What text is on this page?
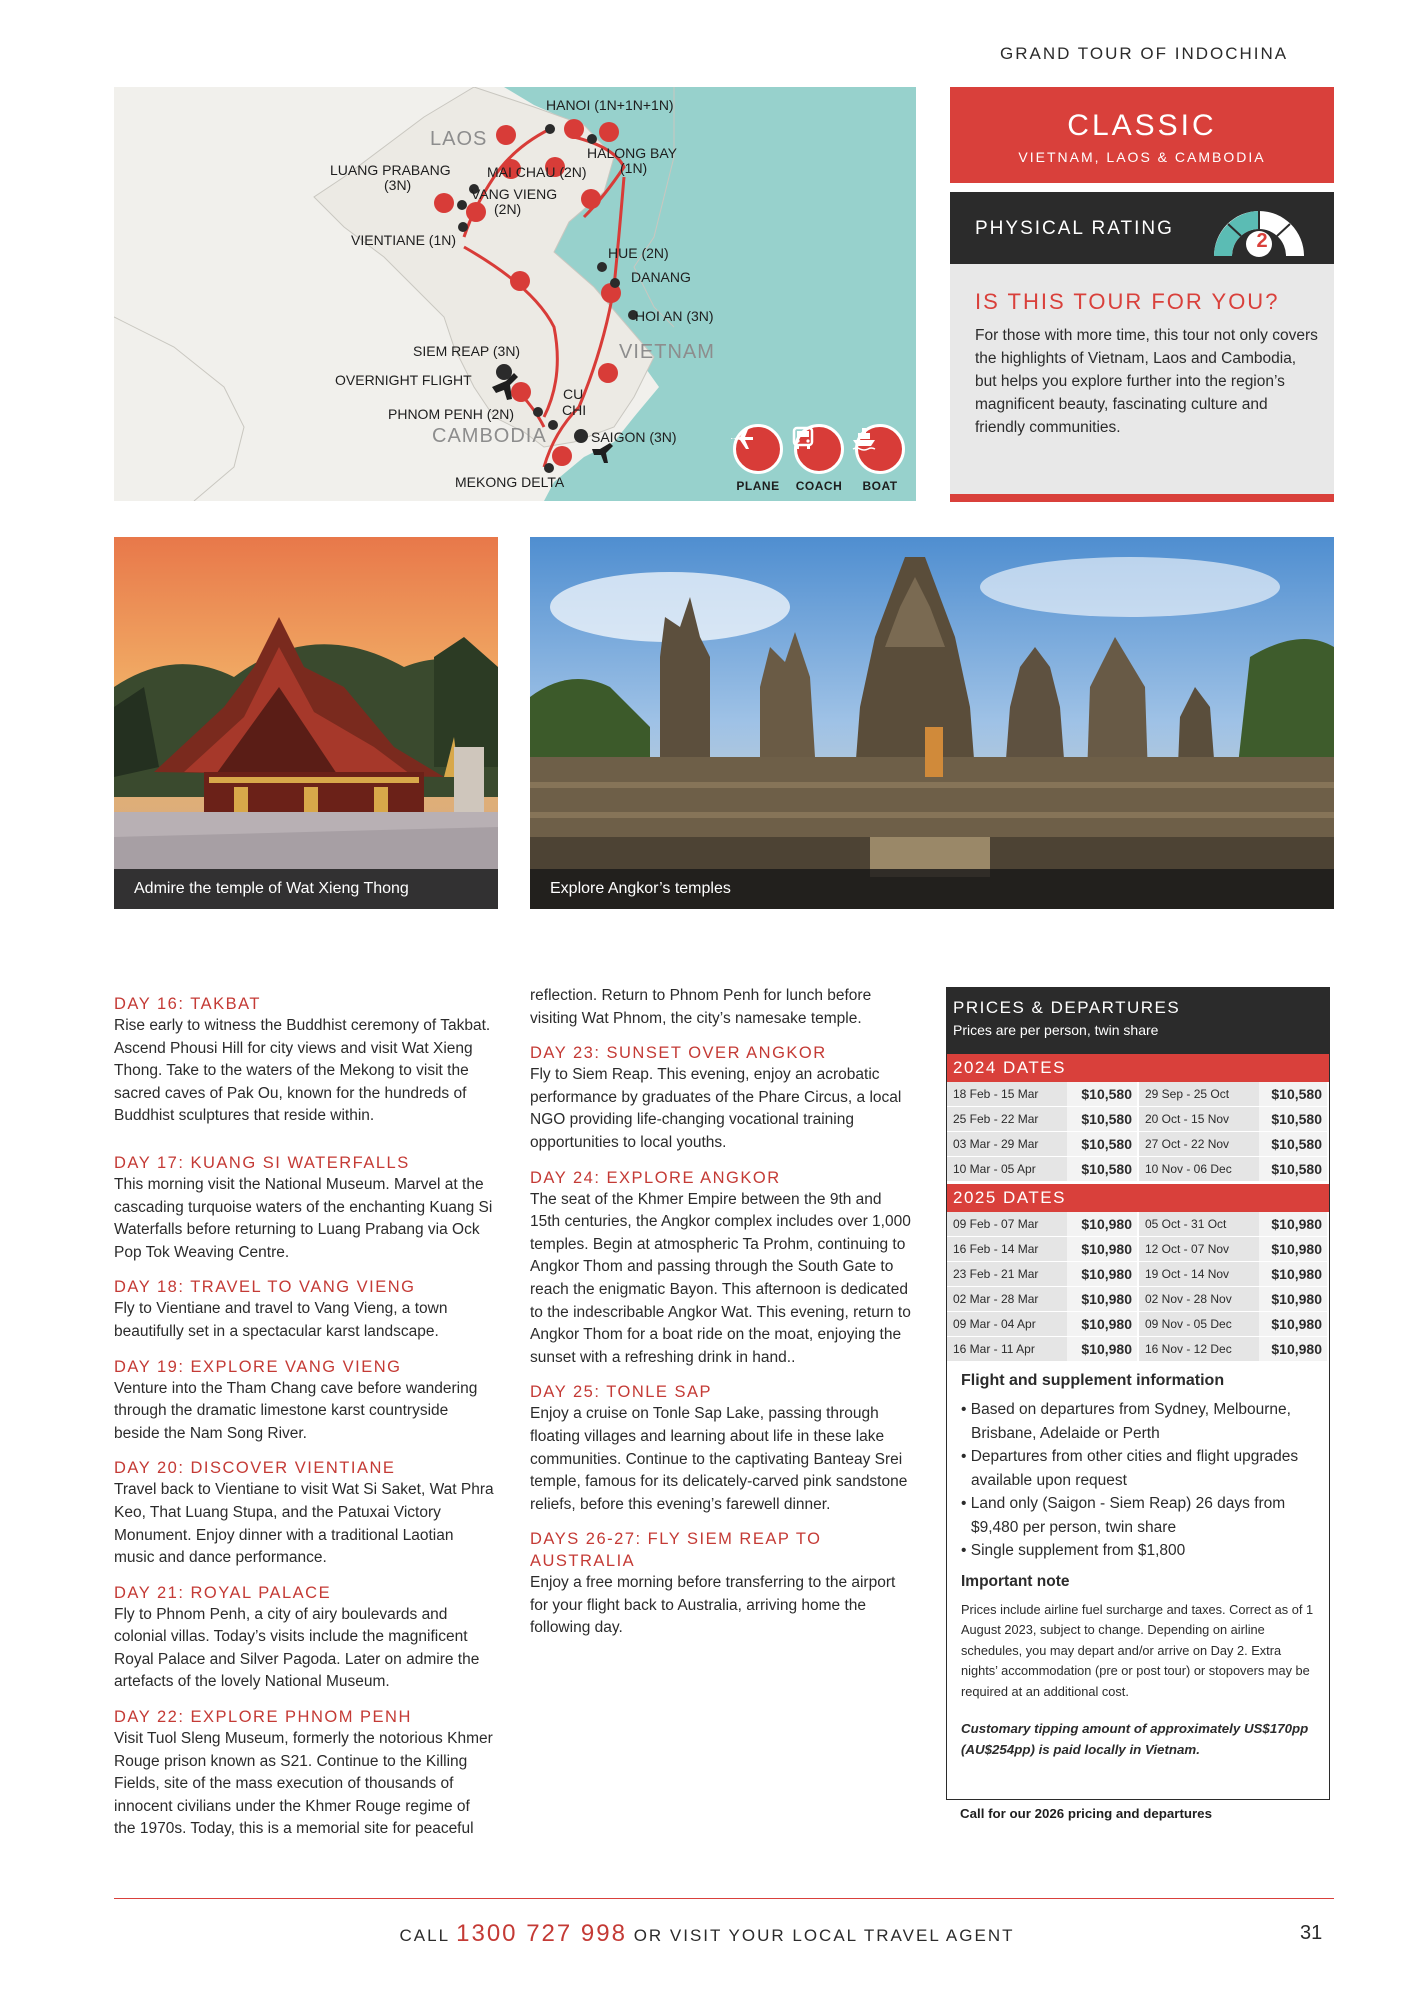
GRAND TOUR OF INDOCHINA
LAOS
VIETNAM
CAMBODIA
HANOI (1N+1N+1N)
HALONG BAY
(1N)
LUANG PRABANG
(3N)
MAI CHAU (2N)
VANG VIENG
(2N)
VIENTIANE (1N)
HUE (2N)
DANANG
HOI AN (3N)
SIEM REAP (3N)
OVERNIGHT FLIGHT
PHNOM PENH (2N)
CU
CHI
SAIGON (3N)
MEKONG DELTA	PLANE	COACH	BOAT
CLASSIC
VIETNAM, LAOS & CAMBODIA
PHYSICAL RATING
2
IS THIS TOUR FOR YOU?
For those with more time, this tour not only covers the highlights of Vietnam, Laos and Cambodia, but helps you explore further into the region’s magnificent beauty, fascinating culture and friendly communities.
Admire the temple of Wat Xieng Thong	Explore Angkor’s temples
DAY 16: TAKBAT

Rise early to witness the Buddhist ceremony of Takbat. Ascend Phousi Hill for city views and visit Wat Xieng Thong. Take to the waters of the Mekong to visit the sacred caves of Pak Ou, known for the hundreds of Buddhist sculptures that reside within.

DAY 17: KUANG SI WATERFALLS

This morning visit the National Museum. Marvel at the cascading turquoise waters of the enchanting Kuang Si Waterfalls before returning to Luang Prabang via Ock Pop Tok Weaving Centre.

DAY 18: TRAVEL TO VANG VIENG

Fly to Vientiane and travel to Vang Vieng, a town beautifully set in a spectacular karst landscape.

DAY 19: EXPLORE VANG VIENG

Venture into the Tham Chang cave before wandering through the dramatic limestone karst countryside beside the Nam Song River.

DAY 20: DISCOVER VIENTIANE

Travel back to Vientiane to visit Wat Si Saket, Wat Phra Keo, That Luang Stupa, and the Patuxai Victory Monument. Enjoy dinner with a traditional Laotian music and dance performance.

DAY 21: ROYAL PALACE

Fly to Phnom Penh, a city of airy boulevards and colonial villas. Today’s visits include the magnificent Royal Palace and Silver Pagoda. Later on admire the artefacts of the lovely National Museum.

DAY 22: EXPLORE PHNOM PENH

Visit Tuol Sleng Museum, formerly the notorious Khmer Rouge prison known as S21. Continue to the Killing Fields, site of the mass execution of thousands of innocent civilians under the Khmer Rouge regime of the 1970s. Today, this is a memorial site for peaceful

reflection. Return to Phnom Penh for lunch before visiting Wat Phnom, the city’s namesake temple.

DAY 23: SUNSET OVER ANGKOR

Fly to Siem Reap. This evening, enjoy an acrobatic performance by graduates of the Phare Circus, a local NGO providing life-changing vocational training opportunities to local youths.

DAY 24: EXPLORE ANGKOR

The seat of the Khmer Empire between the 9th and 15th centuries, the Angkor complex includes over 1,000 temples. Begin at atmospheric Ta Prohm, continuing to Angkor Thom and passing through the South Gate to reach the enigmatic Bayon. This afternoon is dedicated to the indescribable Angkor Wat. This evening, return to Angkor Thom for a boat ride on the moat, enjoying the sunset with a refreshing drink in hand..

DAY 25: TONLE SAP

Enjoy a cruise on Tonle Sap Lake, passing through floating villages and learning about life in these lake communities. Continue to the captivating Banteay Srei temple, famous for its delicately-carved pink sandstone reliefs, before this evening’s farewell dinner.

DAYS 26-27: FLY SIEM REAP TO AUSTRALIA

Enjoy a free morning before transferring to the airport for your flight back to Australia, arriving home the following day.

PRICES & DEPARTURES
Prices are per person, twin share
2024 DATES
18 Feb - 15 Mar	$10,580	29 Sep - 25 Oct	$10,580
25 Feb - 22 Mar	$10,580	20 Oct - 15 Nov	$10,580
03 Mar - 29 Mar	$10,580	27 Oct - 22 Nov	$10,580
10 Mar - 05 Apr	$10,580	10 Nov - 06 Dec	$10,580
2025 DATES
09 Feb - 07 Mar	$10,980	05 Oct - 31 Oct	$10,980
16 Feb - 14 Mar	$10,980	12 Oct - 07 Nov	$10,980
23 Feb - 21 Mar	$10,980	19 Oct - 14 Nov	$10,980
02 Mar - 28 Mar	$10,980	02 Nov - 28 Nov	$10,980
09 Mar - 04 Apr	$10,980	09 Nov - 05 Dec	$10,980
16 Mar - 11 Apr	$10,980	16 Nov - 12 Dec	$10,980
Flight and supplement information
• Based on departures from Sydney, Melbourne, Brisbane, Adelaide or Perth
• Departures from other cities and flight upgrades available upon request
• Land only (Saigon - Siem Reap) 26 days from $9,480 per person, twin share
• Single supplement from $1,800
Important note
Prices include airline fuel surcharge and taxes. Correct as of 1 August 2023, subject to change. Depending on airline schedules, you may depart and/or arrive on Day 2. Extra nights’ accommodation (pre or post tour) or stopovers may be required at an additional cost.
Customary tipping amount of approximately US$170pp (AU$254pp) is paid locally in Vietnam.
Call for our 2026 pricing and departures
CALL 1300 727 998 OR VISIT YOUR LOCAL TRAVEL AGENT	31
